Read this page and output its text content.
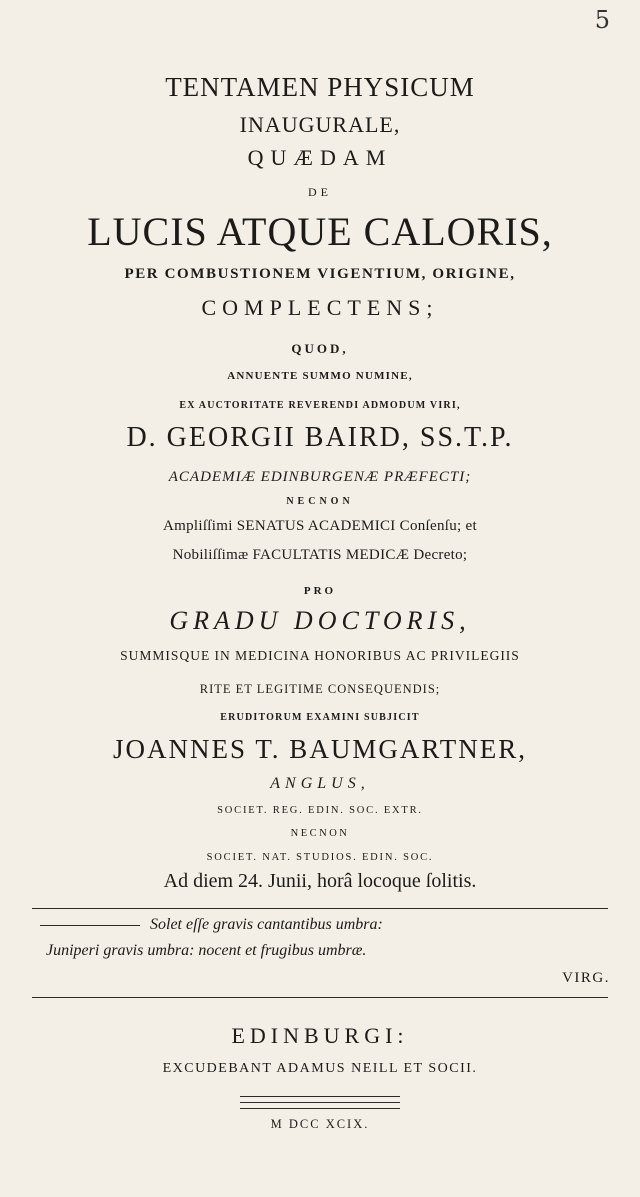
5

TENTAMEN PHYSICUM

INAUGURALE,

QUÆDAM

DE

LUCIS ATQUE CALORIS,

PER COMBUSTIONEM VIGENTIUM, ORIGINE,

COMPLECTENS;

QUOD,

ANNUENTE SUMMO NUMINE,

EX AUCTORITATE REVERENDI ADMODUM VIRI,

D. GEORGII BAIRD, SS.T.P.

ACADEMIÆ EDINBURGENÆ PRÆFECTI;

NECNON

Ampliſſimi SENATUS ACADEMICI Conſenſu; et

Nobiliſſimæ FACULTATIS MEDICÆ Decreto;

PRO

GRADU DOCTORIS,

SUMMISQUE IN MEDICINA HONORIBUS AC PRIVILEGIIS

RITE ET LEGITIME CONSEQUENDIS;

ERUDITORUM EXAMINI SUBJICIT

JOANNES T. BAUMGARTNER,

ANGLUS,

SOCIET. REG. EDIN. SOC. EXTR.

NECNON

SOCIET. NAT. STUDIOS. EDIN. SOC.

Ad diem 24. Junii, horâ locoque ſolitis.

Solet eſſe gravis cantantibus umbra:

Juniperi gravis umbra: nocent et frugibus umbræ.

VIRG.

EDINBURGI:

EXCUDEBANT ADAMUS NEILL ET SOCII.

M DCC XCIX.
